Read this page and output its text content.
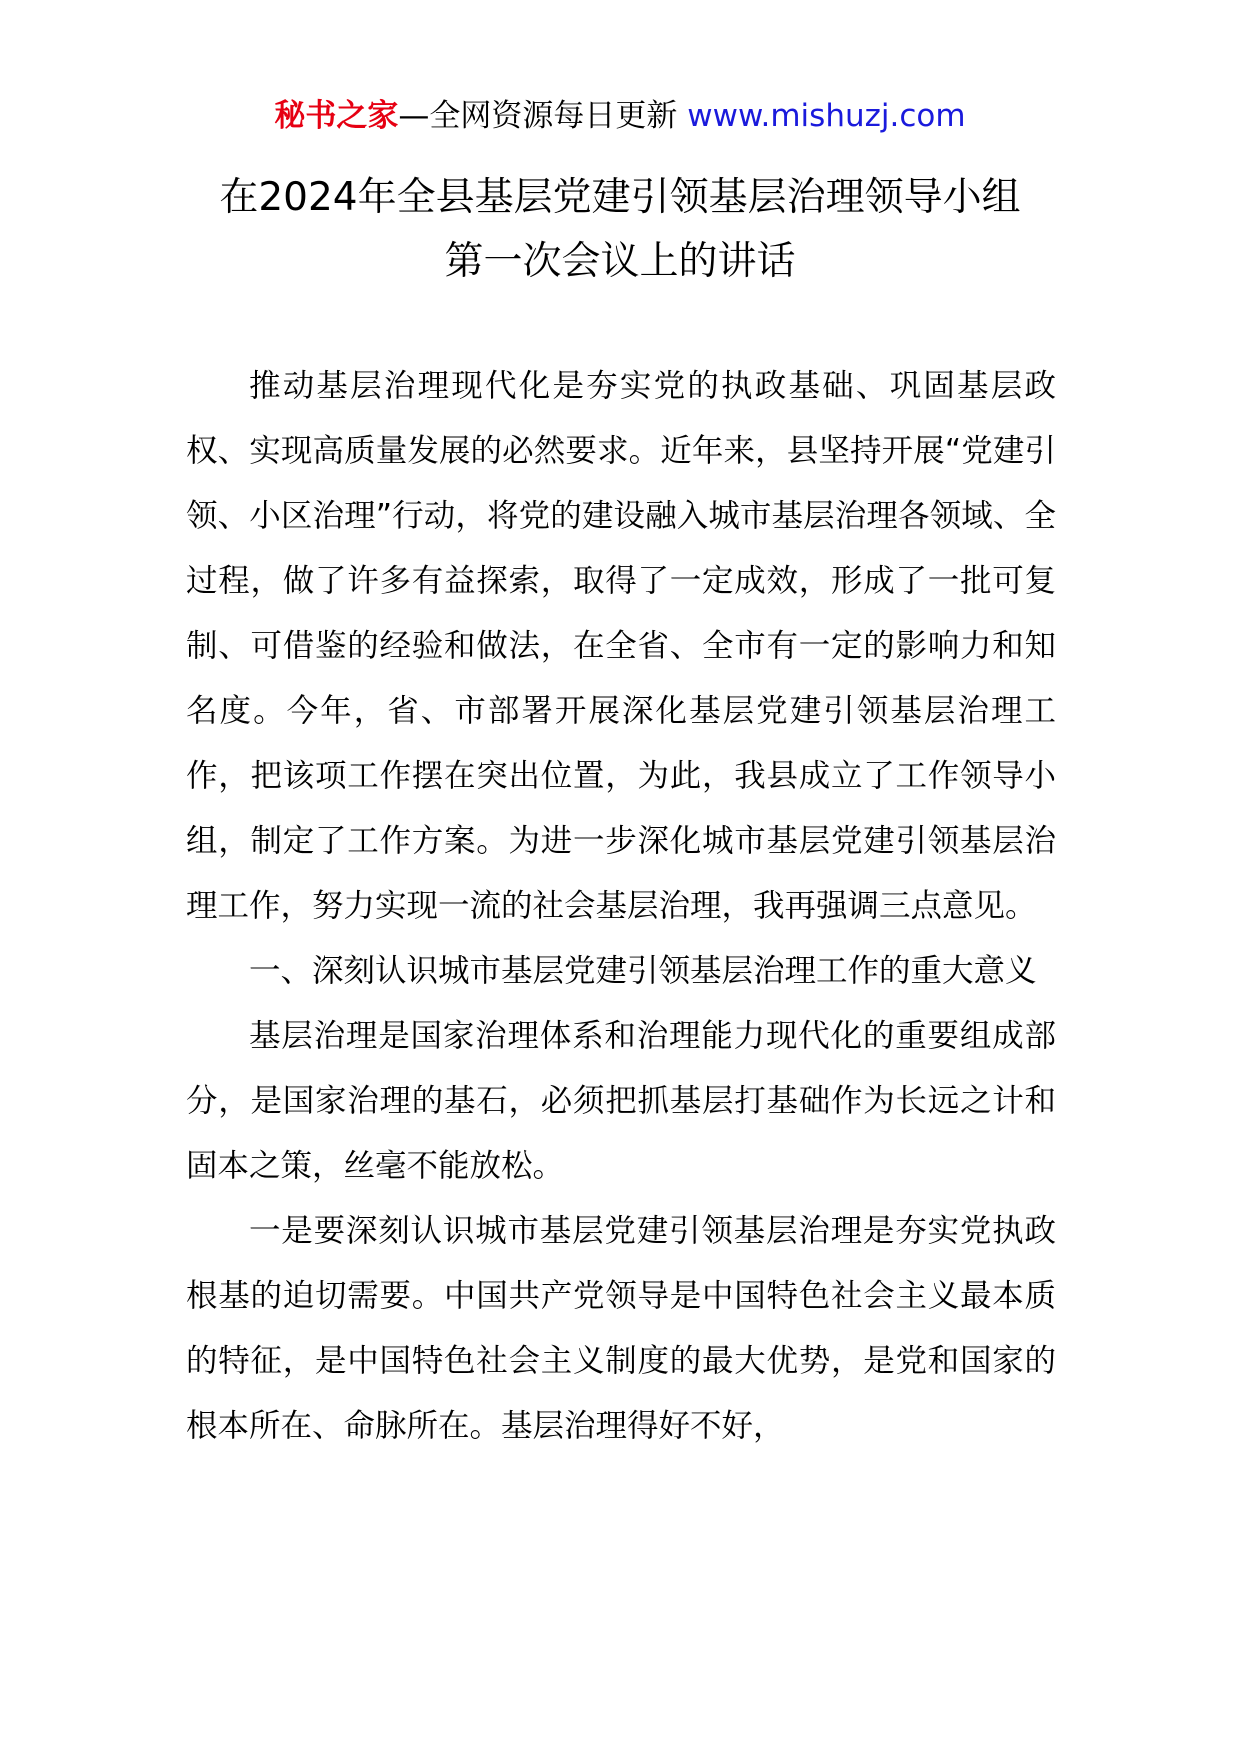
秘书之家—全网资源每日更新 www.mishuzj.com
在2024年全县基层党建引领基层治理领导小组
第一次会议上的讲话

推动基层治理现代化是夯实党的执政基础、巩固基层政权、实现高质量发展的必然要求。近年来，县坚持开展“党建引领、小区治理”行动，将党的建设融入城市基层治理各领域、全过程，做了许多有益探索，取得了一定成效，形成了一批可复制、可借鉴的经验和做法，在全省、全市有一定的影响力和知名度。今年，省、市部署开展深化基层党建引领基层治理工作，把该项工作摆在突出位置，为此，我县成立了工作领导小组，制定了工作方案。为进一步深化城市基层党建引领基层治理工作，努力实现一流的社会基层治理，我再强调三点意见。

一、深刻认识城市基层党建引领基层治理工作的重大意义

基层治理是国家治理体系和治理能力现代化的重要组成部分，是国家治理的基石，必须把抓基层打基础作为长远之计和固本之策，丝毫不能放松。

一是要深刻认识城市基层党建引领基层治理是夯实党执政根基的迫切需要。中国共产党领导是中国特色社会主义最本质的特征，是中国特色社会主义制度的最大优势，是党和国家的根本所在、命脉所在。基层治理得好不好，
